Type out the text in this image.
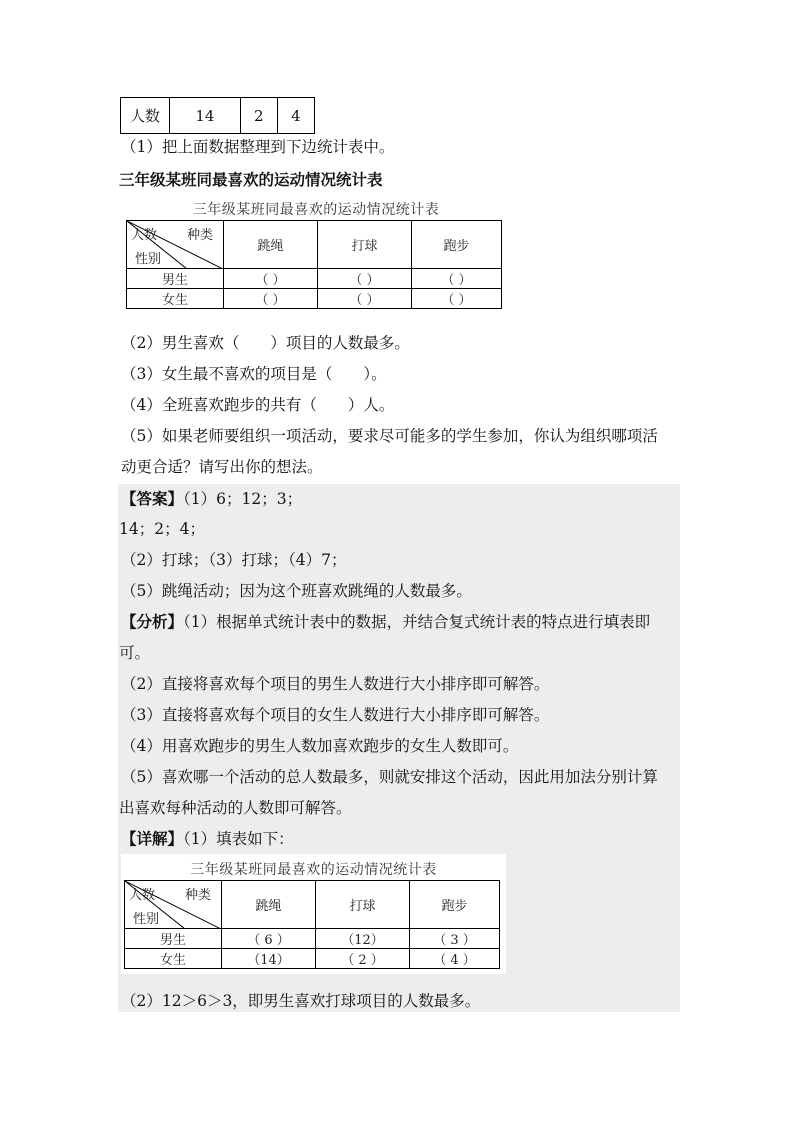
人数	14	2	4
（1）把上面数据整理到下边统计表中。
三年级某班同最喜欢的运动情况统计表
三年级某班同最喜欢的运动情况统计表
种类
人数
性别	跳绳	打球	跑步
男生	（ ）	（ ）	（ ）
女生	（ ）	（ ）	（ ）
（2）男生喜欢（　　）项目的人数最多。
（3）女生最不喜欢的项目是（　　）。
（4）全班喜欢跑步的共有（　　）人。
（5）如果老师要组织一项活动，要求尽可能多的学生参加，你认为组织哪项活
动更合适？请写出你的想法。
【答案】（1）6；12；3；
14；2；4；
（2）打球；（3）打球；（4）7；
（5）跳绳活动；因为这个班喜欢跳绳的人数最多。
【分析】（1）根据单式统计表中的数据，并结合复式统计表的特点进行填表即
可。
（2）直接将喜欢每个项目的男生人数进行大小排序即可解答。
（3）直接将喜欢每个项目的女生人数进行大小排序即可解答。
（4）用喜欢跑步的男生人数加喜欢跑步的女生人数即可。
（5）喜欢哪一个活动的总人数最多，则就安排这个活动，因此用加法分别计算
出喜欢每种活动的人数即可解答。
【详解】（1）填表如下：
三年级某班同最喜欢的运动情况统计表
种类
人数
性别	跳绳	打球	跑步
男生	（ 6 ）	（12）	（ 3 ）
女生	（14）	（ 2 ）	（ 4 ）
（2）12＞6＞3，即男生喜欢打球项目的人数最多。
